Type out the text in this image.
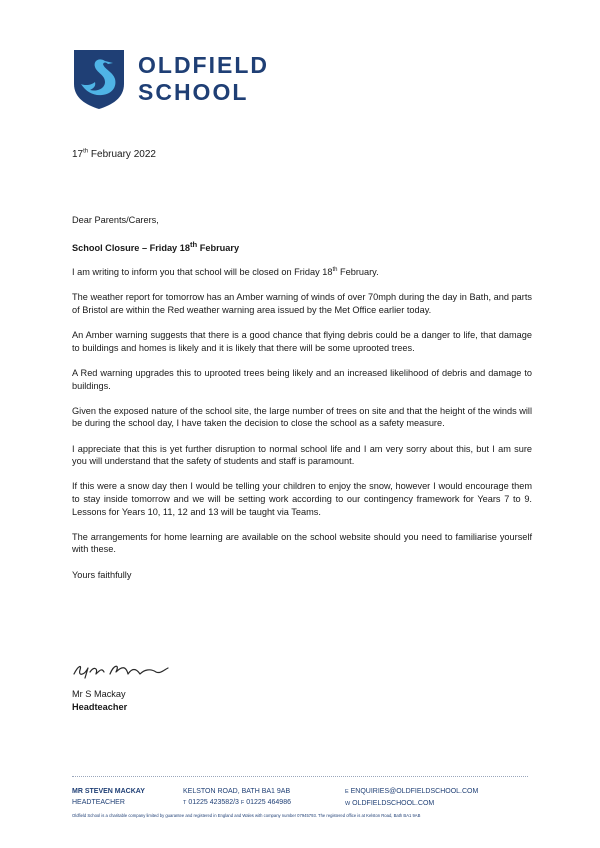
OLDFIELD
SCHOOL
17th February 2022
Dear Parents/Carers,
School Closure – Friday 18th February

I am writing to inform you that school will be closed on Friday 18th February.

The weather report for tomorrow has an Amber warning of winds of over 70mph during the day in Bath, and parts of Bristol are within the Red weather warning area issued by the Met Office earlier today.

An Amber warning suggests that there is a good chance that flying debris could be a danger to life, that damage to buildings and homes is likely and it is likely that there will be some uprooted trees.

A Red warning upgrades this to uprooted trees being likely and an increased likelihood of debris and damage to buildings.

Given the exposed nature of the school site, the large number of trees on site and that the height of the winds will be during the school day, I have taken the decision to close the school as a safety measure.

I appreciate that this is yet further disruption to normal school life and I am very sorry about this, but I am sure you will understand that the safety of students and staff is paramount.

If this were a snow day then I would be telling your children to enjoy the snow, however I would encourage them to stay inside tomorrow and we will be setting work according to our contingency framework for Years 7 to 9. Lessons for Years 10, 11, 12 and 13 will be taught via Teams.

The arrangements for home learning are available on the school website should you need to familiarise yourself with these.

Yours faithfully
Mr S Mackay
Headteacher
MR STEVEN MACKAY
HEADTEACHER
KELSTON ROAD, BATH BA1 9AB
T 01225 423582/3 F 01225 464986
E ENQUIRIES@OLDFIELDSCHOOL.COM
W OLDFIELDSCHOOL.COM
Oldfield School is a charitable company limited by guarantee and registered in England and Wales with company number 07945793. The registered office is at Kelston Road, Bath BA1 9AB
